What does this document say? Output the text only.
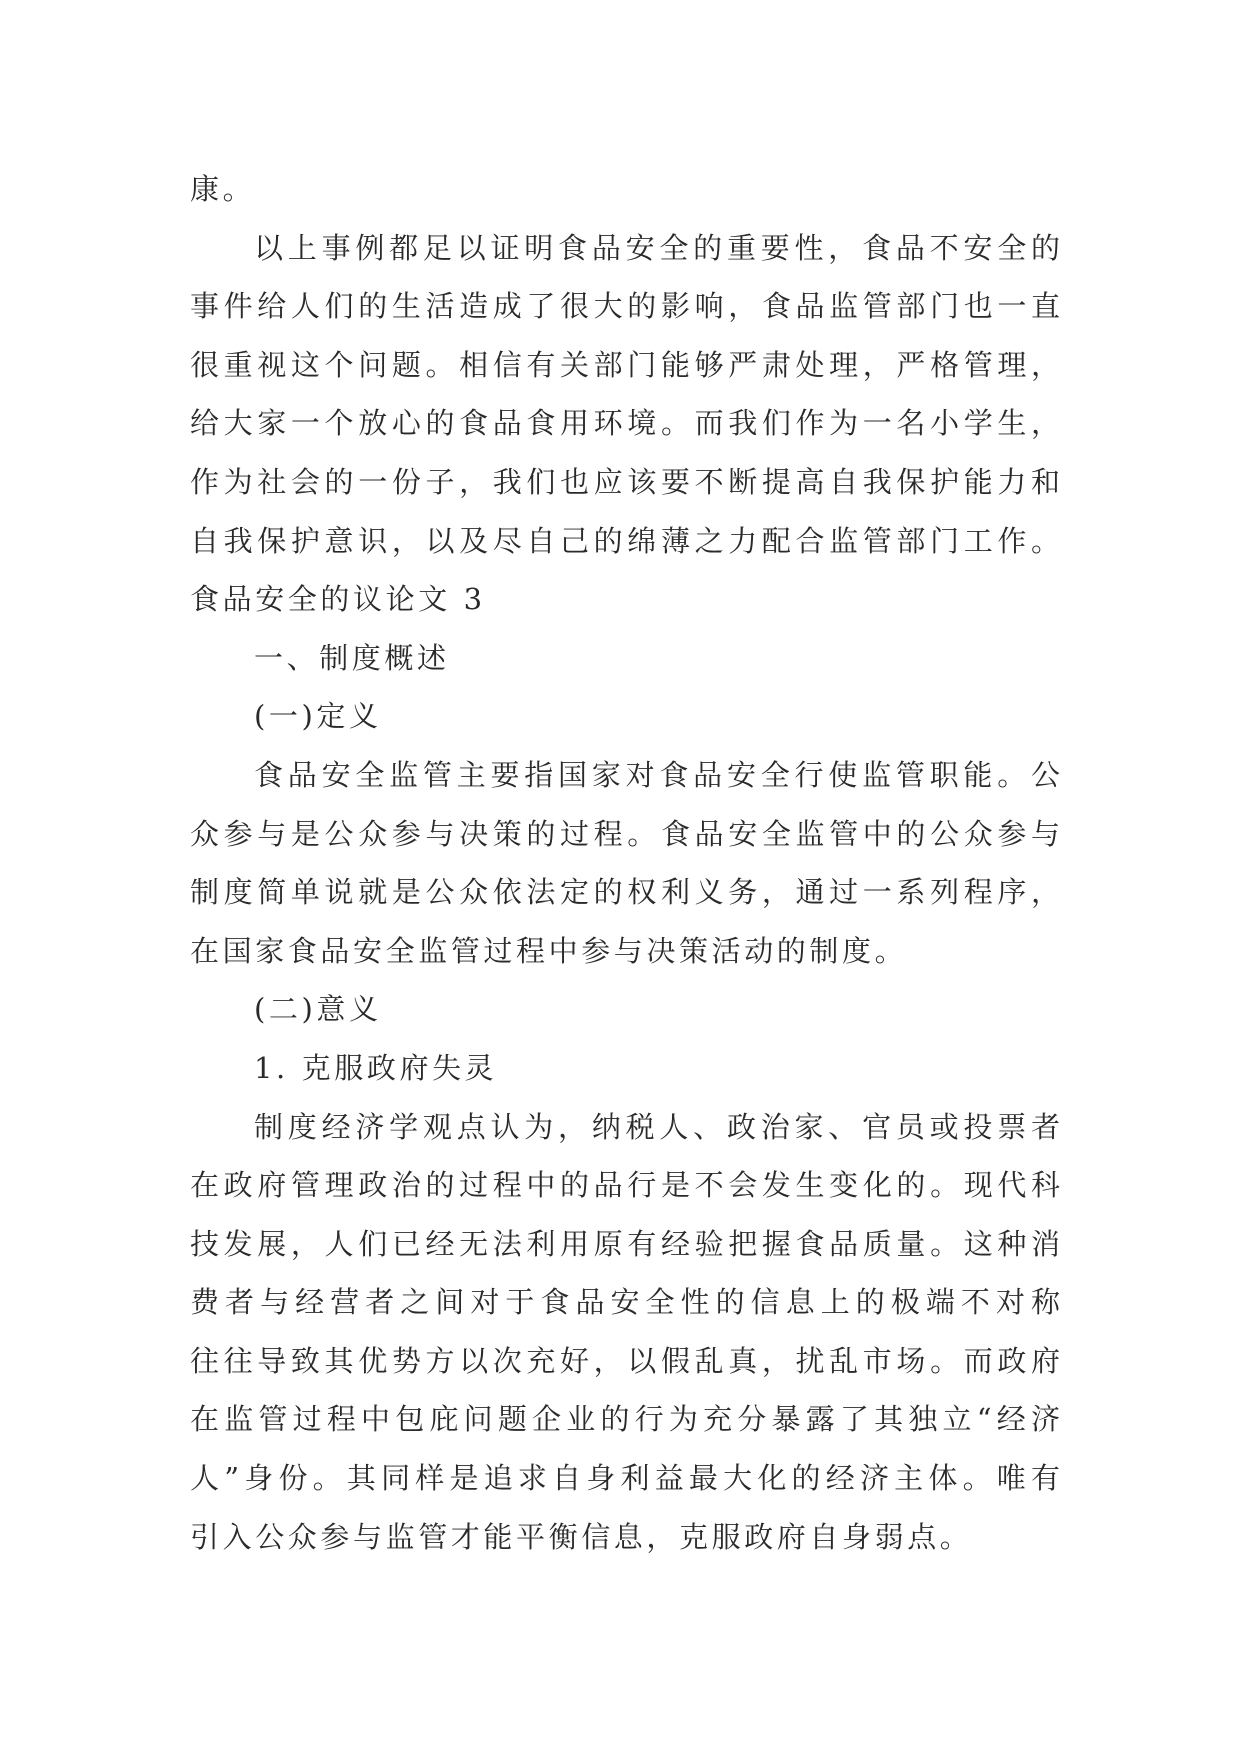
康。
以上事例都足以证明食品安全的重要性，食品不安全的
事件给人们的生活造成了很大的影响，食品监管部门也一直
很重视这个问题。相信有关部门能够严肃处理，严格管理，
给大家一个放心的食品食用环境。而我们作为一名小学生，
作为社会的一份子，我们也应该要不断提高自我保护能力和
自我保护意识，以及尽自己的绵薄之力配合监管部门工作。
食品安全的议论文 3
一、制度概述
(一)定义
食品安全监管主要指国家对食品安全行使监管职能。公
众参与是公众参与决策的过程。食品安全监管中的公众参与
制度简单说就是公众依法定的权利义务，通过一系列程序，
在国家食品安全监管过程中参与决策活动的制度。
(二)意义
1. 克服政府失灵
制度经济学观点认为，纳税人、政治家、官员或投票者
在政府管理政治的过程中的品行是不会发生变化的。现代科
技发展，人们已经无法利用原有经验把握食品质量。这种消
费者与经营者之间对于食品安全性的信息上的极端不对称
往往导致其优势方以次充好，以假乱真，扰乱市场。而政府
在监管过程中包庇问题企业的行为充分暴露了其独立“经济
人”身份。其同样是追求自身利益最大化的经济主体。唯有
引入公众参与监管才能平衡信息，克服政府自身弱点。
